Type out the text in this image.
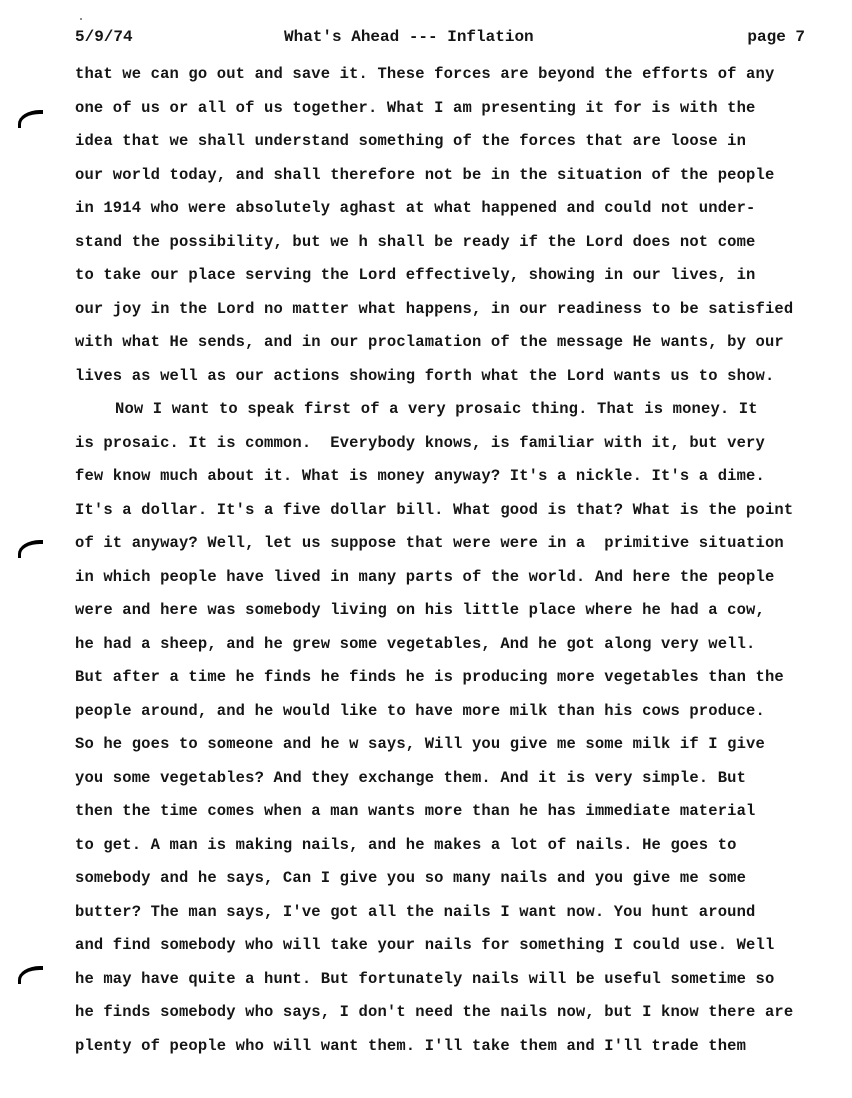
5/9/74	What's Ahead --- Inflation	page 7
that we can go out and save it. These forces are beyond the efforts of any
one of us or all of us together. What I am presenting it for is with the
idea that we shall understand something of the forces that are loose in
our world today, and shall therefore not be in the situation of the people
in 1914 who were absolutely aghast at what happened and could not under-
stand the possibility, but we h shall be ready if the Lord does not come
to take our place serving the Lord effectively, showing in our lives, in
our joy in the Lord no matter what happens, in our readiness to be satisfied
with what He sends, and in our proclamation of the message He wants, by our
lives as well as our actions showing forth what the Lord wants us to show.
Now I want to speak first of a very prosaic thing. That is money. It
is prosaic. It is common.  Everybody knows, is familiar with it, but very
few know much about it. What is money anyway? It's a nickle. It's a dime.
It's a dollar. It's a five dollar bill. What good is that? What is the point
of it anyway? Well, let us suppose that were were in a  primitive situation
in which people have lived in many parts of the world. And here the people
were and here was somebody living on his little place where he had a cow,
he had a sheep, and he grew some vegetables, And he got along very well.
But after a time he finds he finds he is producing more vegetables than the
people around, and he would like to have more milk than his cows produce.
So he goes to someone and he w says, Will you give me some milk if I give
you some vegetables? And they exchange them. And it is very simple. But
then the time comes when a man wants more than he has immediate material
to get. A man is making nails, and he makes a lot of nails. He goes to
somebody and he says, Can I give you so many nails and you give me some
butter? The man says, I've got all the nails I want now. You hunt around
and find somebody who will take your nails for something I could use. Well
he may have quite a hunt. But fortunately nails will be useful sometime so
he finds somebody who says, I don't need the nails now, but I know there are
plenty of people who will want them. I'll take them and I'll trade them
